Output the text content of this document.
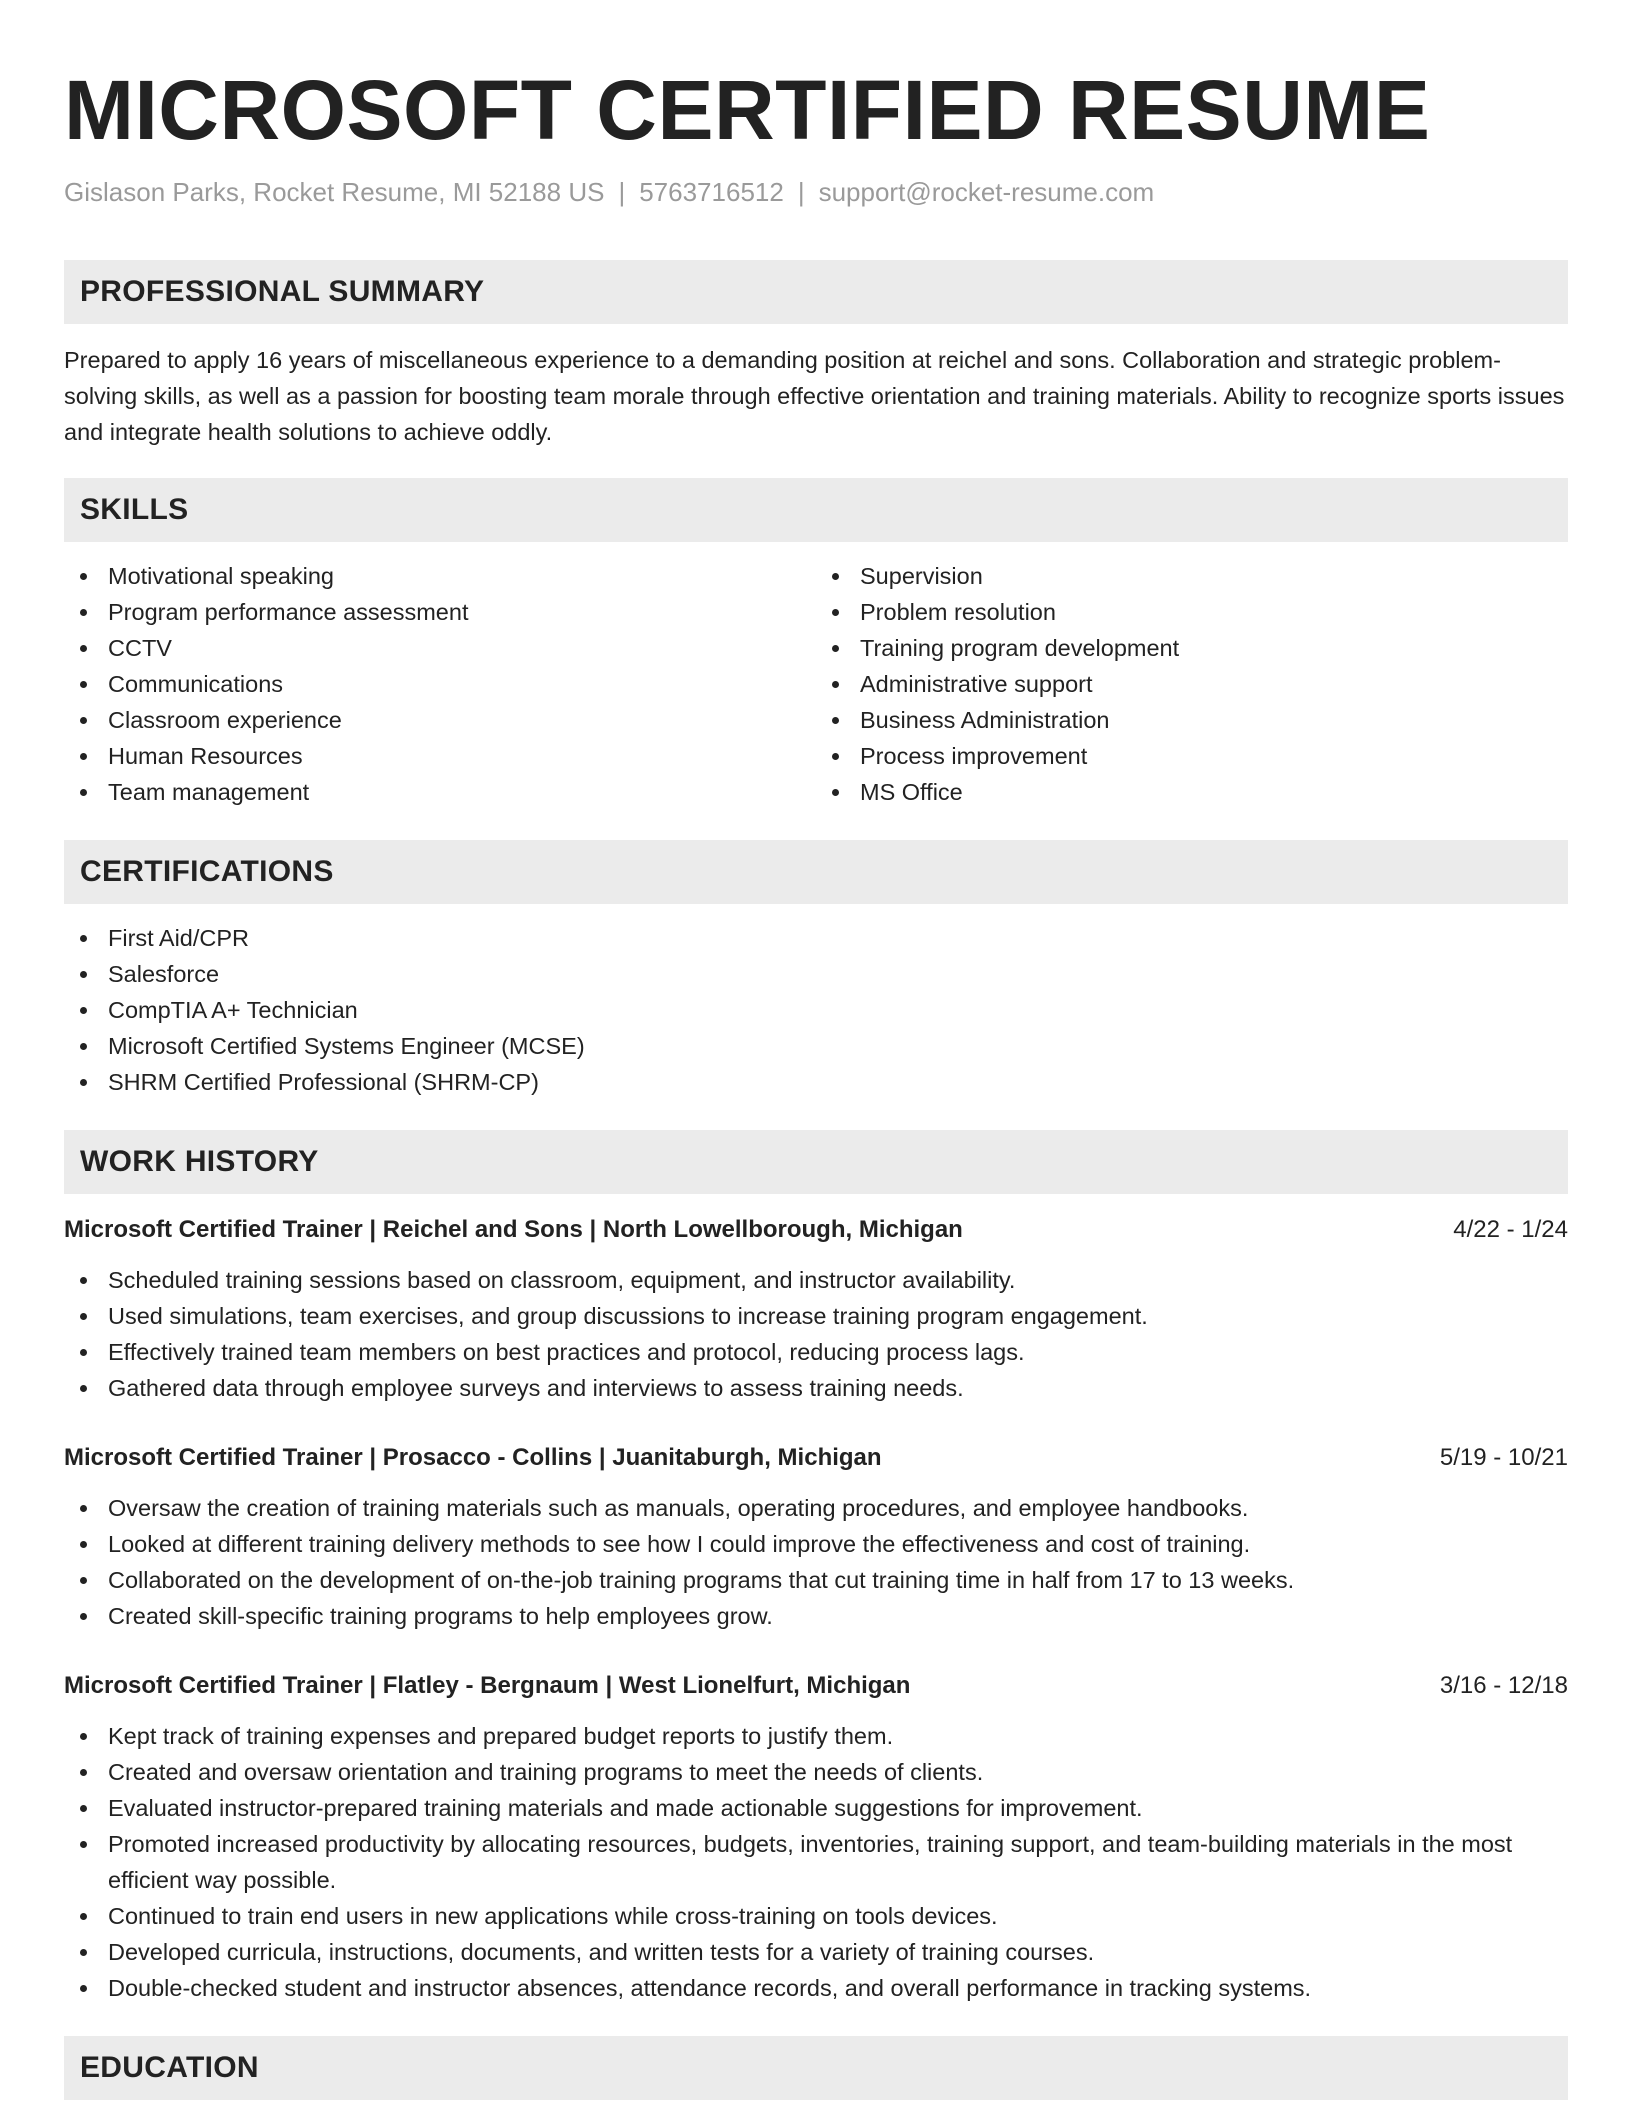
MICROSOFT CERTIFIED RESUME
Gislason Parks, Rocket Resume, MI 52188 US | 5763716512 | support@rocket-resume.com
PROFESSIONAL SUMMARY
Prepared to apply 16 years of miscellaneous experience to a demanding position at reichel and sons. Collaboration and strategic problem-solving skills, as well as a passion for boosting team morale through effective orientation and training materials. Ability to recognize sports issues and integrate health solutions to achieve oddly.
SKILLS
Motivational speaking
Program performance assessment
CCTV
Communications
Classroom experience
Human Resources
Team management
Supervision
Problem resolution
Training program development
Administrative support
Business Administration
Process improvement
MS Office
CERTIFICATIONS
First Aid/CPR
Salesforce
CompTIA A+ Technician
Microsoft Certified Systems Engineer (MCSE)
SHRM Certified Professional (SHRM-CP)
WORK HISTORY
Microsoft Certified Trainer | Reichel and Sons | North Lowellborough, Michigan	4/22 - 1/24
Scheduled training sessions based on classroom, equipment, and instructor availability.
Used simulations, team exercises, and group discussions to increase training program engagement.
Effectively trained team members on best practices and protocol, reducing process lags.
Gathered data through employee surveys and interviews to assess training needs.
Microsoft Certified Trainer | Prosacco - Collins | Juanitaburgh, Michigan	5/19 - 10/21
Oversaw the creation of training materials such as manuals, operating procedures, and employee handbooks.
Looked at different training delivery methods to see how I could improve the effectiveness and cost of training.
Collaborated on the development of on-the-job training programs that cut training time in half from 17 to 13 weeks.
Created skill-specific training programs to help employees grow.
Microsoft Certified Trainer | Flatley - Bergnaum | West Lionelfurt, Michigan	3/16 - 12/18
Kept track of training expenses and prepared budget reports to justify them.
Created and oversaw orientation and training programs to meet the needs of clients.
Evaluated instructor-prepared training materials and made actionable suggestions for improvement.
Promoted increased productivity by allocating resources, budgets, inventories, training support, and team-building materials in the most efficient way possible.
Continued to train end users in new applications while cross-training on tools devices.
Developed curricula, instructions, documents, and written tests for a variety of training courses.
Double-checked student and instructor absences, attendance records, and overall performance in tracking systems.
EDUCATION
